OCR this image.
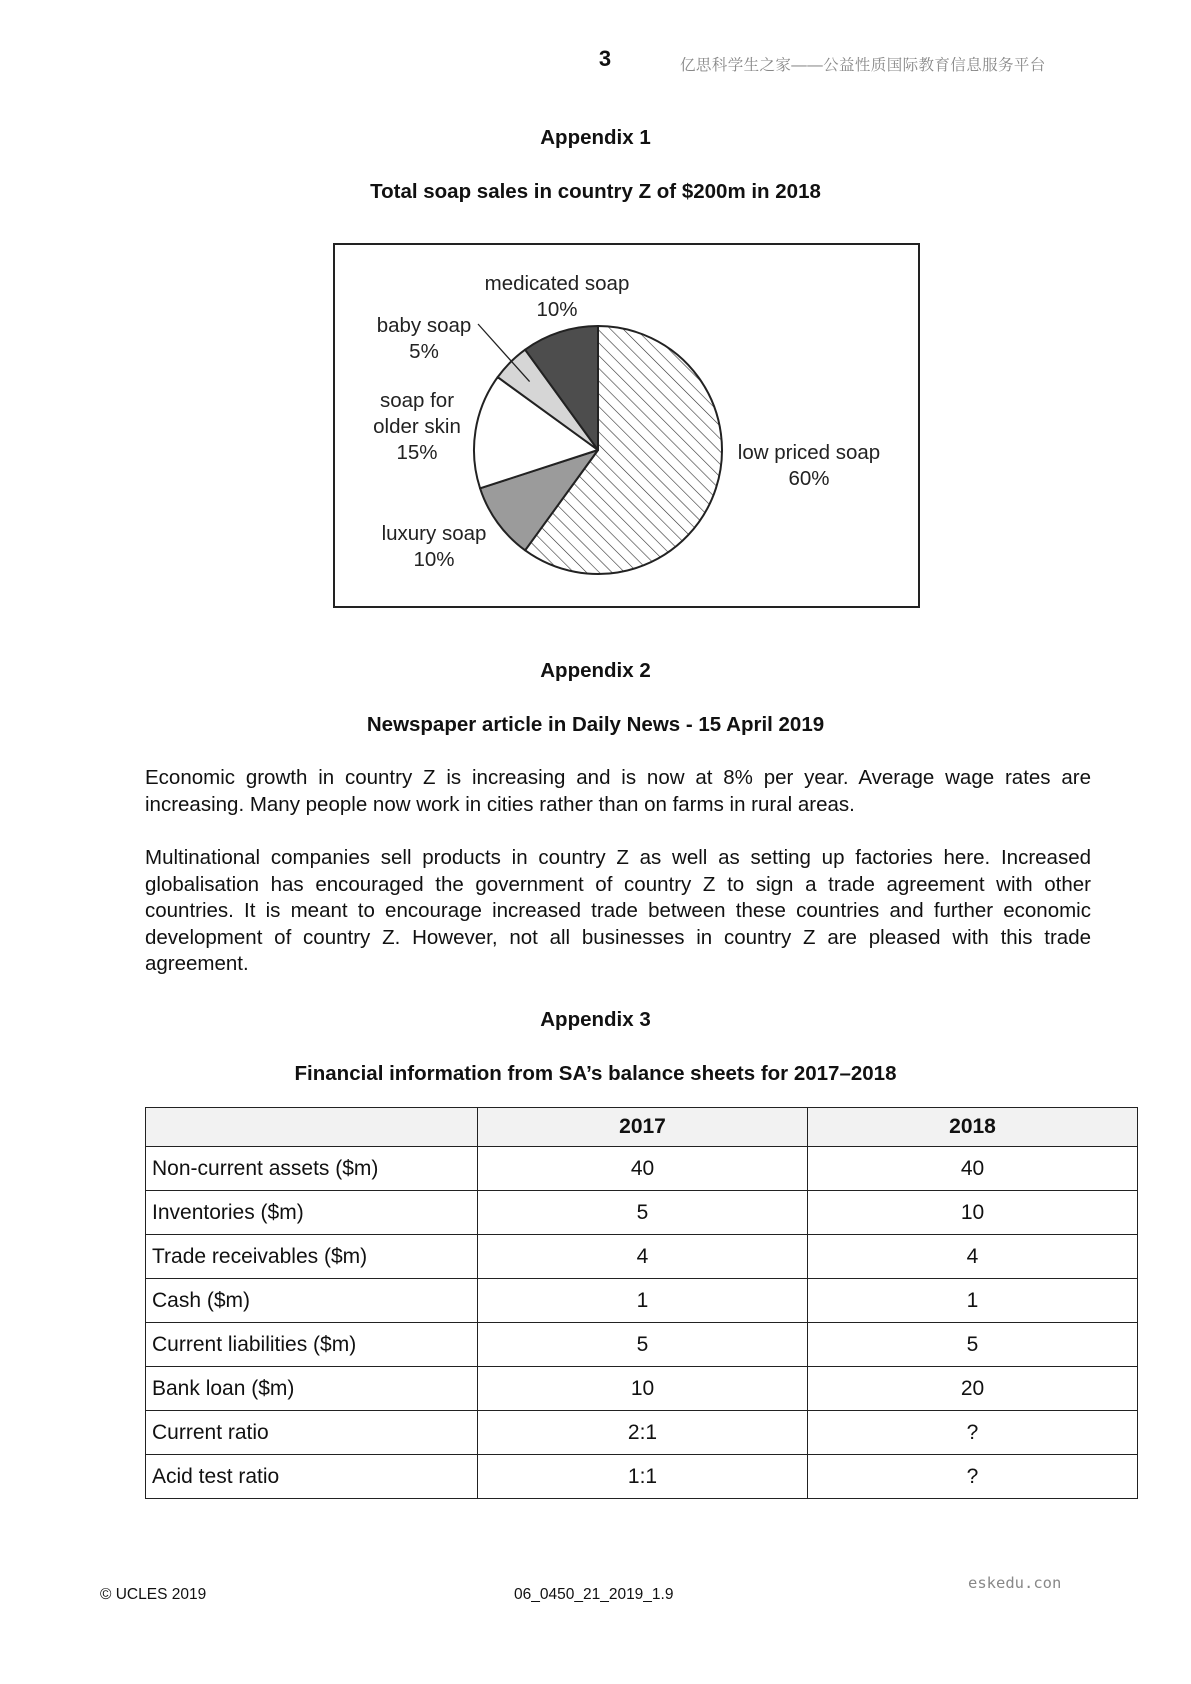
3	亿思科学生之家——公益性质国际教育信息服务平台
Appendix 1
Total soap sales in country Z of $200m in 2018
low priced soap
60%
luxury soap
10%
soap for
older skin
15%
baby soap
5%
medicated soap
10%
Appendix 2
Newspaper article in Daily News - 15 April 2019
Economic growth in country Z is increasing and is now at 8% per year. Average wage rates are increasing. Many people now work in cities rather than on farms in rural areas.
Multinational companies sell products in country Z as well as setting up factories here. Increased globalisation has encouraged the government of country Z to sign a trade agreement with other countries. It is meant to encourage increased trade between these countries and further economic development of country Z. However, not all businesses in country Z are pleased with this trade agreement.
Appendix 3
Financial information from SA’s balance sheets for 2017–2018
	2017	2018
Non-current assets ($m)	40	40
Inventories ($m)	5	10
Trade receivables ($m)	4	4
Cash ($m)	1	1
Current liabilities ($m)	5	5
Bank loan ($m)	10	20
Current ratio	2:1	?
Acid test ratio	1:1	?
© UCLES 2019	06_0450_21_2019_1.9
eskedu.con
